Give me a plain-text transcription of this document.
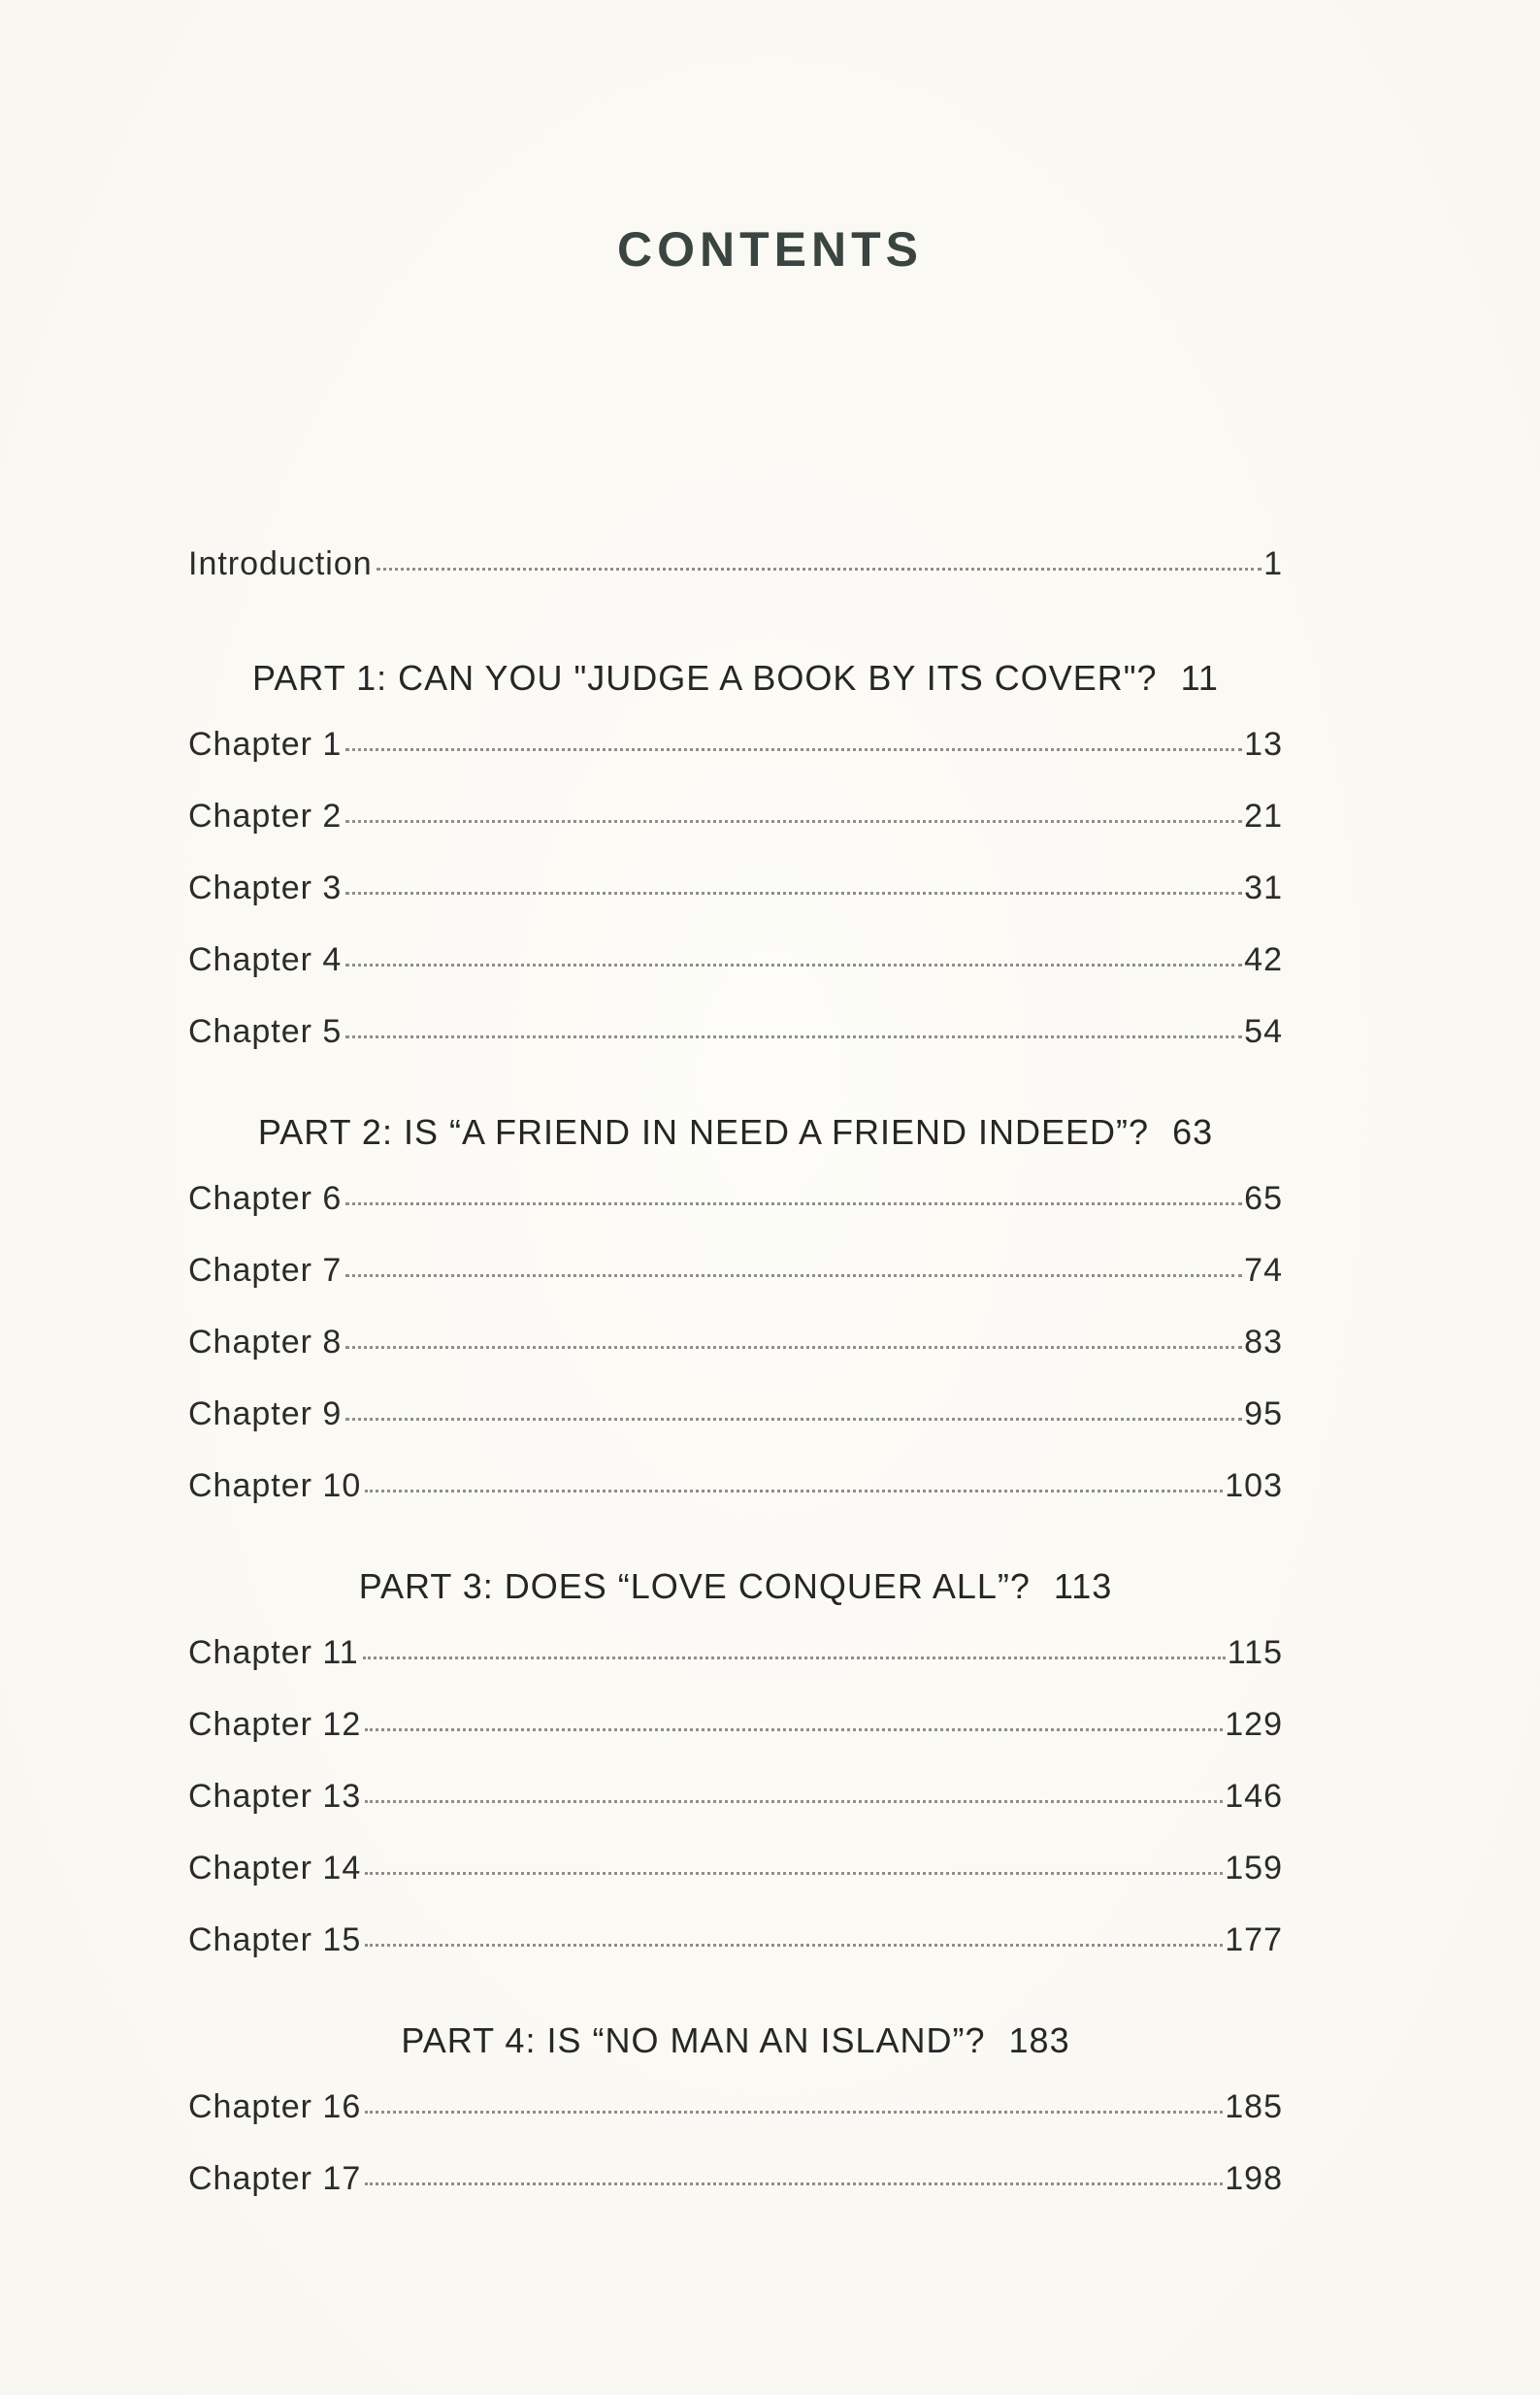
CONTENTS
Introduction	1
PART 1: CAN YOU "JUDGE A BOOK BY ITS COVER"? 11
Chapter 1	13
Chapter 2	21
Chapter 3	31
Chapter 4	42
Chapter 5	54
PART 2: IS “A FRIEND IN NEED A FRIEND INDEED”? 63
Chapter 6	65
Chapter 7	74
Chapter 8	83
Chapter 9	95
Chapter 10	103
PART 3: DOES “LOVE CONQUER ALL”? 113
Chapter 11	115
Chapter 12	129
Chapter 13	146
Chapter 14	159
Chapter 15	177
PART 4: IS “NO MAN AN ISLAND”? 183
Chapter 16	185
Chapter 17	198
